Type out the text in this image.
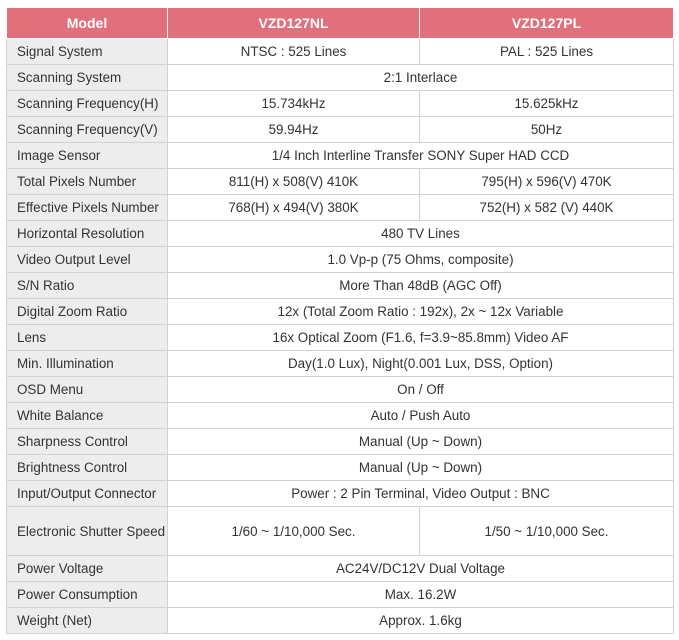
Model	VZD127NL	VZD127PL
Signal System	NTSC : 525 Lines	PAL : 525 Lines
Scanning System	2:1 Interlace	
Scanning Frequency(H)	15.734kHz	15.625kHz
Scanning Frequency(V)	59.94Hz	50Hz
Image Sensor	1/4 Inch Interline Transfer SONY Super HAD CCD	
Total Pixels Number	811(H) x 508(V) 410K	795(H) x 596(V) 470K
Effective Pixels Number	768(H) x 494(V) 380K	752(H) x 582 (V) 440K
Horizontal Resolution	480 TV Lines	
Video Output Level	1.0 Vp-p (75 Ohms, composite)	
S/N Ratio	More Than 48dB (AGC Off)	
Digital Zoom Ratio	12x (Total Zoom Ratio : 192x), 2x ~ 12x Variable	
Lens	16x Optical Zoom (F1.6, f=3.9~85.8mm) Video AF	
Min. Illumination	Day(1.0 Lux), Night(0.001 Lux, DSS, Option)	
OSD Menu	On / Off	
White Balance	Auto / Push Auto	
Sharpness Control	Manual (Up ~ Down)	
Brightness Control	Manual (Up ~ Down)	
Input/Output Connector	Power : 2 Pin Terminal, Video Output : BNC	
Electronic Shutter Speed	1/60 ~ 1/10,000 Sec.	1/50 ~ 1/10,000 Sec.
Power Voltage	AC24V/DC12V Dual Voltage	
Power Consumption	Max. 16.2W	
Weight (Net)	Approx. 1.6kg	
